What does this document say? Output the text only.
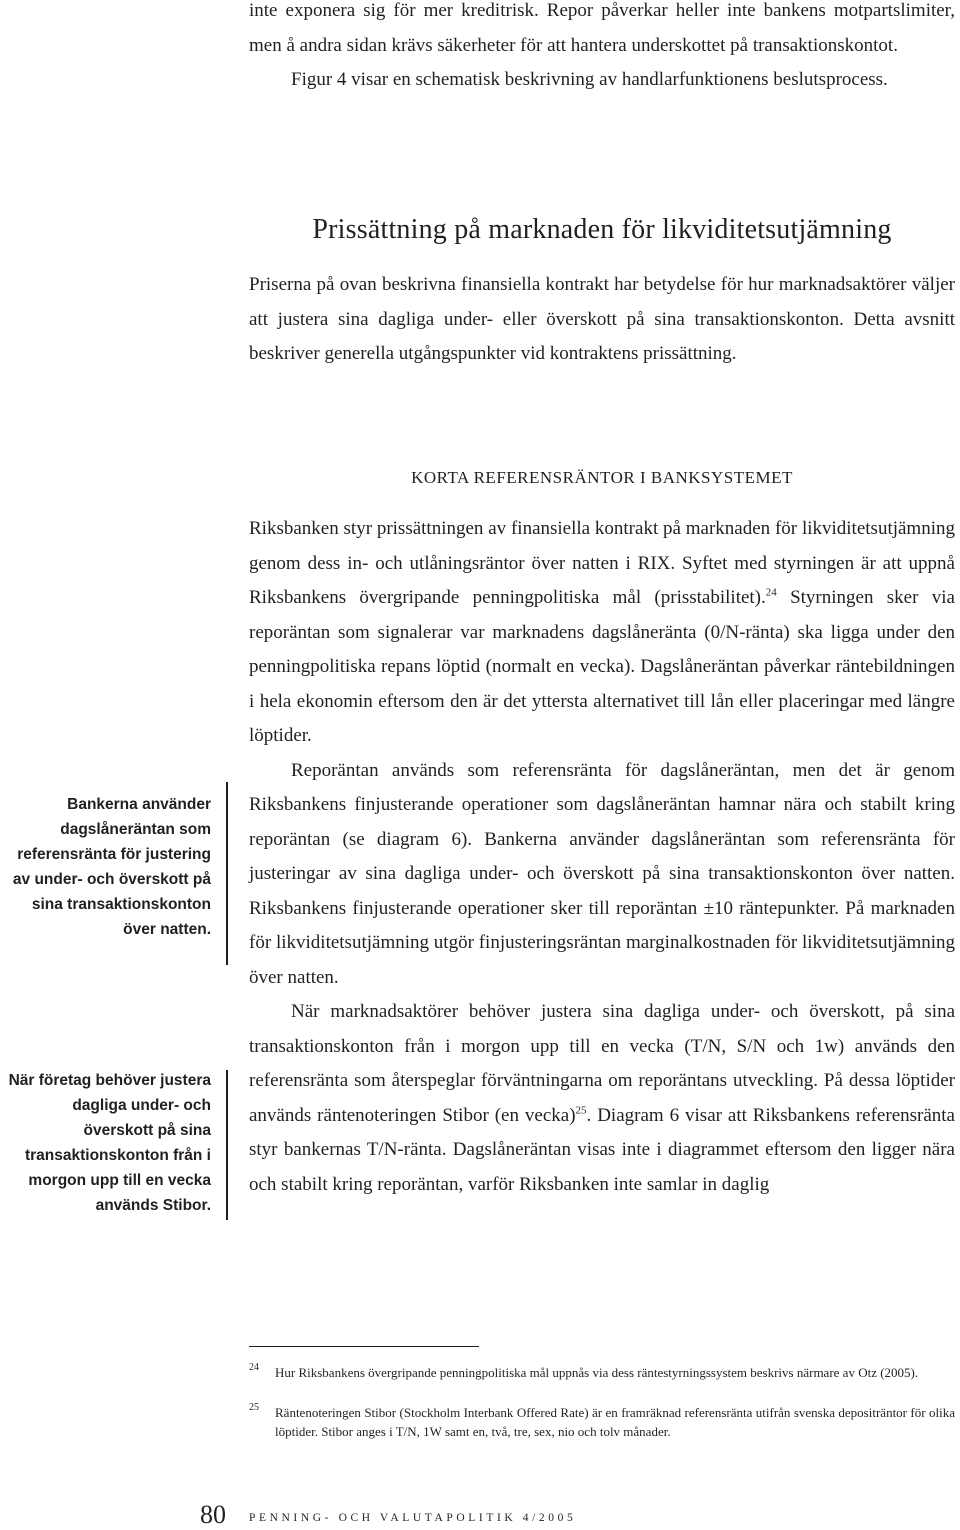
inte exponera sig för mer kreditrisk. Repor påverkar heller inte bankens motpartslimiter, men å andra sidan krävs säkerheter för att hantera underskottet på transaktionskontot.

Figur 4 visar en schematisk beskrivning av handlarfunktionens beslutsprocess.

Prissättning på marknaden för likviditetsutjämning

Priserna på ovan beskrivna finansiella kontrakt har betydelse för hur marknadsaktörer väljer att justera sina dagliga under- eller överskott på sina transaktionskonton. Detta avsnitt beskriver generella utgångspunkter vid kontraktens prissättning.

KORTA REFERENSRÄNTOR I BANKSYSTEMET

Riksbanken styr prissättningen av finansiella kontrakt på marknaden för likviditetsutjämning genom dess in- och utlåningsräntor över natten i RIX. Syftet med styrningen är att uppnå Riksbankens övergripande penningpolitiska mål (prisstabilitet).$^{24}$ Styrningen sker via reporäntan som signalerar var marknadens dagslåneränta (0/N-ränta) ska ligga under den penningpolitiska repans löptid (normalt en vecka). Dagslåneräntan påverkar räntebildningen i hela ekonomin eftersom den är det yttersta alternativet till lån eller placeringar med längre löptider.

Reporäntan används som referensränta för dagslåneräntan, men det är genom Riksbankens finjusterande operationer som dagslåneräntan hamnar nära och stabilt kring reporäntan (se diagram 6). Bankerna använder dagslåneräntan som referensränta för justeringar av sina dagliga under- och överskott på sina transaktionskonton över natten. Riksbankens finjusterande operationer sker till reporäntan ±10 räntepunkter. På marknaden för likviditetsutjämning utgör finjusteringsräntan marginalkostnaden för likviditetsutjämning över natten.

När marknadsaktörer behöver justera sina dagliga under- och överskott, på sina transaktionskonton från i morgon upp till en vecka (T/N, S/N och 1w) används den referensränta som återspeglar förväntningarna om reporäntans utveckling. På dessa löptider används räntenoteringen Stibor (en vecka)$^{25}$. Diagram 6 visar att Riksbankens referensränta styr bankernas T/N-ränta. Dagslåneräntan visas inte i diagrammet eftersom den ligger nära och stabilt kring reporäntan, varför Riksbanken inte samlar in daglig

Bankerna använder dagslåneräntan som referensränta för justering av under- och överskott på sina transaktionskonton över natten.
När företag behöver justera dagliga under- och överskott på sina transaktionskonton från i morgon upp till en vecka används Stibor.
24 Hur Riksbankens övergripande penningpolitiska mål uppnås via dess räntestyrningssystem beskrivs närmare av Otz (2005).
25 Räntenoteringen Stibor (Stockholm Interbank Offered Rate) är en framräknad referensränta utifrån svenska depositräntor för olika löptider. Stibor anges i T/N, 1W samt en, två, tre, sex, nio och tolv månader.
80 PENNING- OCH VALUTAPOLITIK 4/2005
